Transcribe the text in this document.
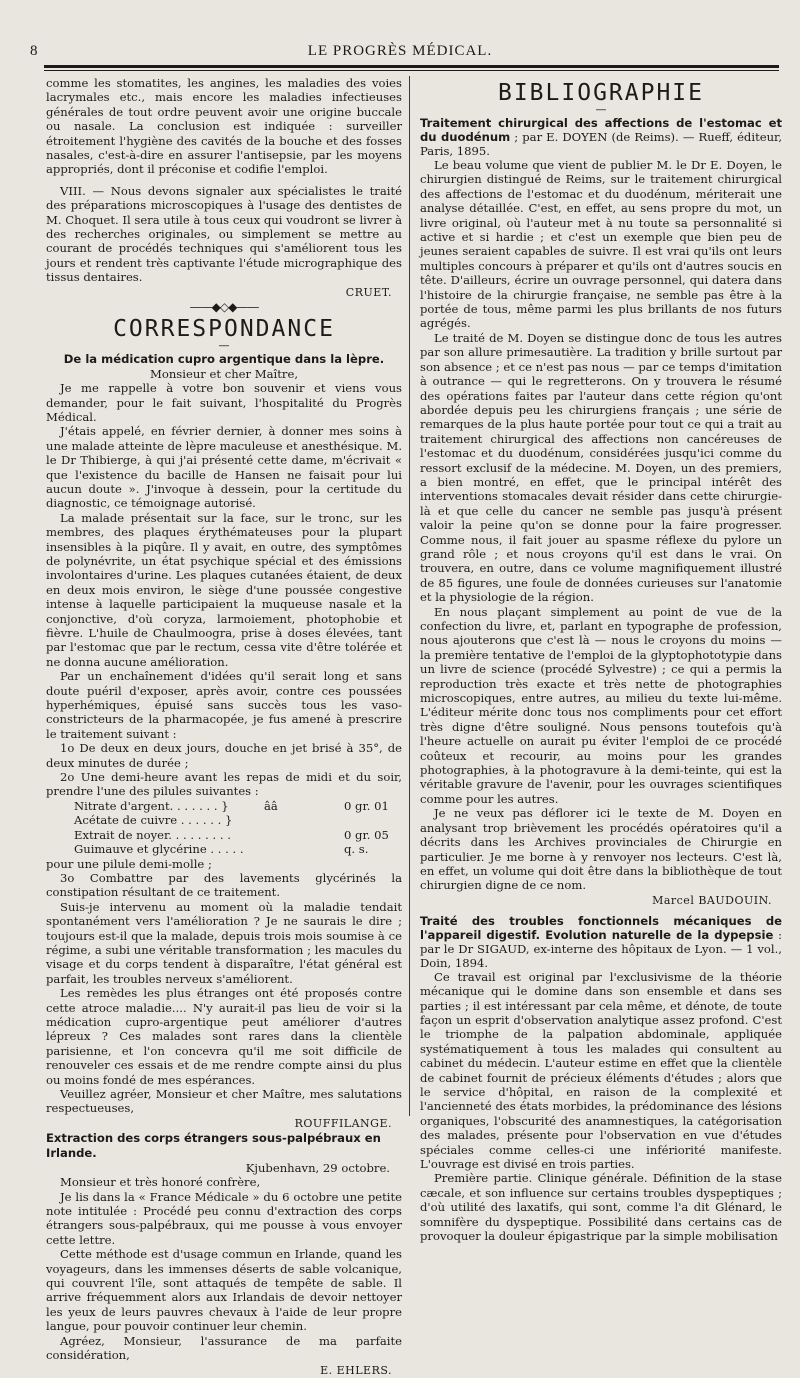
8	LE PROGRÈS MÉDICAL.

comme les stomatites, les angines, les maladies des voies lacrymales etc., mais encore les maladies infectieuses générales de tout ordre peuvent avoir une origine buccale ou nasale. La conclusion est indiquée : surveiller étroitement l'hygiène des cavités de la bouche et des fosses nasales, c'est-à-dire en assurer l'antisepsie, par les moyens appropriés, dont il préconise et codifie l'emploi.

VIII. — Nous devons signaler aux spécialistes le traité des préparations microscopiques à l'usage des dentistes de M. Choquet. Il sera utile à tous ceux qui voudront se livrer à des recherches originales, ou simplement se mettre au courant de procédés techniques qui s'améliorent tous les jours et rendent très captivante l'étude micrographique des tissus dentaires.

CRUET.
——◆◇◆——
CORRESPONDANCE
—
De la médication cupro argentique dans la lèpre.

Monsieur et cher Maître,

Je me rappelle à votre bon souvenir et viens vous demander, pour le fait suivant, l'hospitalité du Progrès Médical.

J'étais appelé, en février dernier, à donner mes soins à une malade atteinte de lèpre maculeuse et anesthésique. M. le Dr Thibierge, à qui j'ai présenté cette dame, m'écrivait « que l'existence du bacille de Hansen ne faisait pour lui aucun doute ». J'invoque à dessein, pour la certitude du diagnostic, ce témoignage autorisé.

La malade présentait sur la face, sur le tronc, sur les membres, des plaques érythémateuses pour la plupart insensibles à la piqûre. Il y avait, en outre, des symptômes de polynévrite, un état psychique spécial et des émissions involontaires d'urine. Les plaques cutanées étaient, de deux en deux mois environ, le siège d'une poussée congestive intense à laquelle participaient la muqueuse nasale et la conjonctive, d'où coryza, larmoiement, photophobie et fièvre. L'huile de Chaulmoogra, prise à doses élevées, tant par l'estomac que par le rectum, cessa vite d'être tolérée et ne donna aucune amélioration.

Par un enchaînement d'idées qu'il serait long et sans doute puéril d'exposer, après avoir, contre ces poussées hyperhémiques, épuisé sans succès tous les vaso-constricteurs de la pharmacopée, je fus amené à prescrire le traitement suivant :

1o De deux en deux jours, douche en jet brisé à 35°, de deux minutes de durée ;

2o Une demi-heure avant les repas de midi et du soir, prendre l'une des pilules suivantes :

Nitrate d'argent. . . . . . . }	ââ	0 gr. 01
Acétate de cuivre . . . . . . }
Extrait de noyer. . . . . . . . .	0 gr. 05
Guimauve et glycérine . . . . .	q. s.

pour une pilule demi-molle ;

3o Combattre par des lavements glycérinés la constipation résultant de ce traitement.

Suis-je intervenu au moment où la maladie tendait spontanément vers l'amélioration ? Je ne saurais le dire ; toujours est-il que la malade, depuis trois mois soumise à ce régime, a subi une véritable transformation ; les macules du visage et du corps tendent à disparaître, l'état général est parfait, les troubles nerveux s'améliorent.

Les remèdes les plus étranges ont été proposés contre cette atroce maladie.... N'y aurait-il pas lieu de voir si la médication cupro-argentique peut améliorer d'autres lépreux ? Ces malades sont rares dans la clientèle parisienne, et l'on concevra qu'il me soit difficile de renouveler ces essais et de me rendre compte ainsi du plus ou moins fondé de mes espérances.

Veuillez agréer, Monsieur et cher Maître, mes salutations respectueuses,

ROUFFILANGE.
Extraction des corps étrangers sous-palpébraux en Irlande.

Kjubenhavn, 29 octobre.

Monsieur et très honoré confrère,

Je lis dans la « France Médicale » du 6 octobre une petite note intitulée : Procédé peu connu d'extraction des corps étrangers sous-palpébraux, qui me pousse à vous envoyer cette lettre.

Cette méthode est d'usage commun en Irlande, quand les voyageurs, dans les immenses déserts de sable volcanique, qui couvrent l'île, sont attaqués de tempête de sable. Il arrive fréquemment alors aux Irlandais de devoir nettoyer les yeux de leurs pauvres chevaux à l'aide de leur propre langue, pour pouvoir continuer leur chemin.

Agréez, Monsieur, l'assurance de ma parfaite considération,

E. EHLERS.
BIBLIOGRAPHIE
—

Traitement chirurgical des affections de l'estomac et du duodénum ; par E. DOYEN (de Reims). — Rueff, éditeur, Paris, 1895.

Le beau volume que vient de publier M. le Dr E. Doyen, le chirurgien distingué de Reims, sur le traitement chirurgical des affections de l'estomac et du duodénum, mériterait une analyse détaillée. C'est, en effet, au sens propre du mot, un livre original, où l'auteur met à nu toute sa personnalité si active et si hardie ; et c'est un exemple que bien peu de jeunes seraient capables de suivre. Il est vrai qu'ils ont leurs multiples concours à préparer et qu'ils ont d'autres soucis en tête. D'ailleurs, écrire un ouvrage personnel, qui datera dans l'histoire de la chirurgie française, ne semble pas être à la portée de tous, même parmi les plus brillants de nos futurs agrégés.

Le traité de M. Doyen se distingue donc de tous les autres par son allure primesautière. La tradition y brille surtout par son absence ; et ce n'est pas nous — par ce temps d'imitation à outrance — qui le regretterons. On y trouvera le résumé des opérations faites par l'auteur dans cette région qu'ont abordée depuis peu les chirurgiens français ; une série de remarques de la plus haute portée pour tout ce qui a trait au traitement chirurgical des affections non cancéreuses de l'estomac et du duodénum, considérées jusqu'ici comme du ressort exclusif de la médecine. M. Doyen, un des premiers, a bien montré, en effet, que le principal intérêt des interventions stomacales devait résider dans cette chirurgie-là et que celle du cancer ne semble pas jusqu'à présent valoir la peine qu'on se donne pour la faire progresser. Comme nous, il fait jouer au spasme réflexe du pylore un grand rôle ; et nous croyons qu'il est dans le vrai. On trouvera, en outre, dans ce volume magnifiquement illustré de 85 figures, une foule de données curieuses sur l'anatomie et la physiologie de la région.

En nous plaçant simplement au point de vue de la confection du livre, et, parlant en typographe de profession, nous ajouterons que c'est là — nous le croyons du moins — la première tentative de l'emploi de la glyptophototypie dans un livre de science (procédé Sylvestre) ; ce qui a permis la reproduction très exacte et très nette de photographies microscopiques, entre autres, au milieu du texte lui-même. L'éditeur mérite donc tous nos compliments pour cet effort très digne d'être souligné. Nous pensons toutefois qu'à l'heure actuelle on aurait pu éviter l'emploi de ce procédé coûteux et recourir, au moins pour les grandes photographies, à la photogravure à la demi-teinte, qui est la véritable gravure de l'avenir, pour les ouvrages scientifiques comme pour les autres.

Je ne veux pas déflorer ici le texte de M. Doyen en analysant trop brièvement les procédés opératoires qu'il a décrits dans les Archives provinciales de Chirurgie en particulier. Je me borne à y renvoyer nos lecteurs. C'est là, en effet, un volume qui doit être dans la bibliothèque de tout chirurgien digne de ce nom.

Marcel BAUDOUIN.

Traité des troubles fonctionnels mécaniques de l'appareil digestif. Evolution naturelle de la dypepsie : par le Dr SIGAUD, ex-interne des hôpitaux de Lyon. — 1 vol., Doin, 1894.

Ce travail est original par l'exclusivisme de la théorie mécanique qui le domine dans son ensemble et dans ses parties ; il est intéressant par cela même, et dénote, de toute façon un esprit d'observation analytique assez profond. C'est le triomphe de la palpation abdominale, appliquée systématiquement à tous les malades qui consultent au cabinet du médecin. L'auteur estime en effet que la clientèle de cabinet fournit de précieux éléments d'études ; alors que le service d'hôpital, en raison de la complexité et l'ancienneté des états morbides, la prédominance des lésions organiques, l'obscurité des anamnestiques, la catégorisation des malades, présente pour l'observation en vue d'études spéciales comme celles-ci une infériorité manifeste. L'ouvrage est divisé en trois parties.

Première partie. Clinique générale. Définition de la stase cæcale, et son influence sur certains troubles dyspeptiques ; d'où utilité des laxatifs, qui sont, comme l'a dit Glénard, le somnifère du dyspeptique. Possibilité dans certains cas de provoquer la douleur épigastrique par la simple mobilisation
